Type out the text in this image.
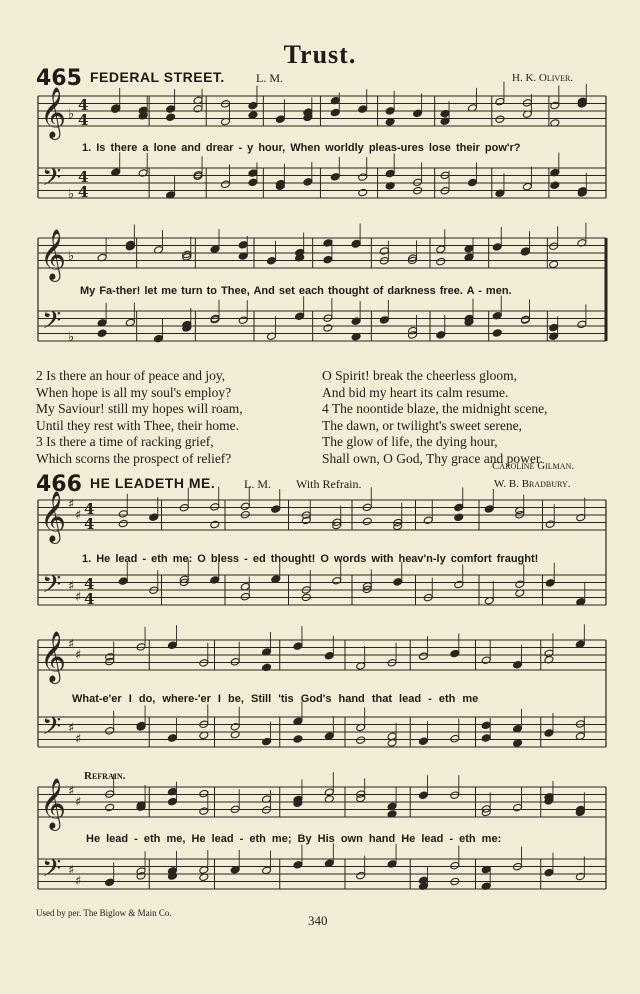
Trust.
465 FEDERAL STREET.	L. M.	H. K. Oliver.
𝄞
𝄢
♭
♭
4
4
4
4
𝄞
𝄢
♭
♭
𝄞
𝄢
♯
♯
♯
♯
4
4
4
4
𝄞
𝄢
♯
♯
♯
♯
𝄞
𝄢
♯
♯
♯
♯
1. Is there a lone and drear - y hour, When worldly pleas-ures lose their pow'r?
My Fa-ther! let me turn to Thee, And set each thought of darkness free. A - men.
2 Is there an hour of peace and joy,
When hope is all my soul's employ?
My Saviour! still my hopes will roam,
Until they rest with Thee, their home.
3 Is there a time of racking grief,
Which scorns the prospect of relief?
O Spirit! break the cheerless gloom,
And bid my heart its calm resume.
4 The noontide blaze, the midnight scene,
The dawn, or twilight's sweet serene,
The glow of life, the dying hour,
Shall own, O God, Thy grace and power.
Caroline Gilman.
466 HE LEADETH ME. L. M. With Refrain.	W. B. Bradbury.
1. He lead - eth me: O bless - ed thought! O words with heav'n-ly comfort fraught!
What-e'er I do, where-'er I be, Still 'tis God's hand that lead - eth me
Refrain.
He lead - eth me, He lead - eth me; By His own hand He lead - eth me:
Used by per. The Biglow & Main Co.	340
